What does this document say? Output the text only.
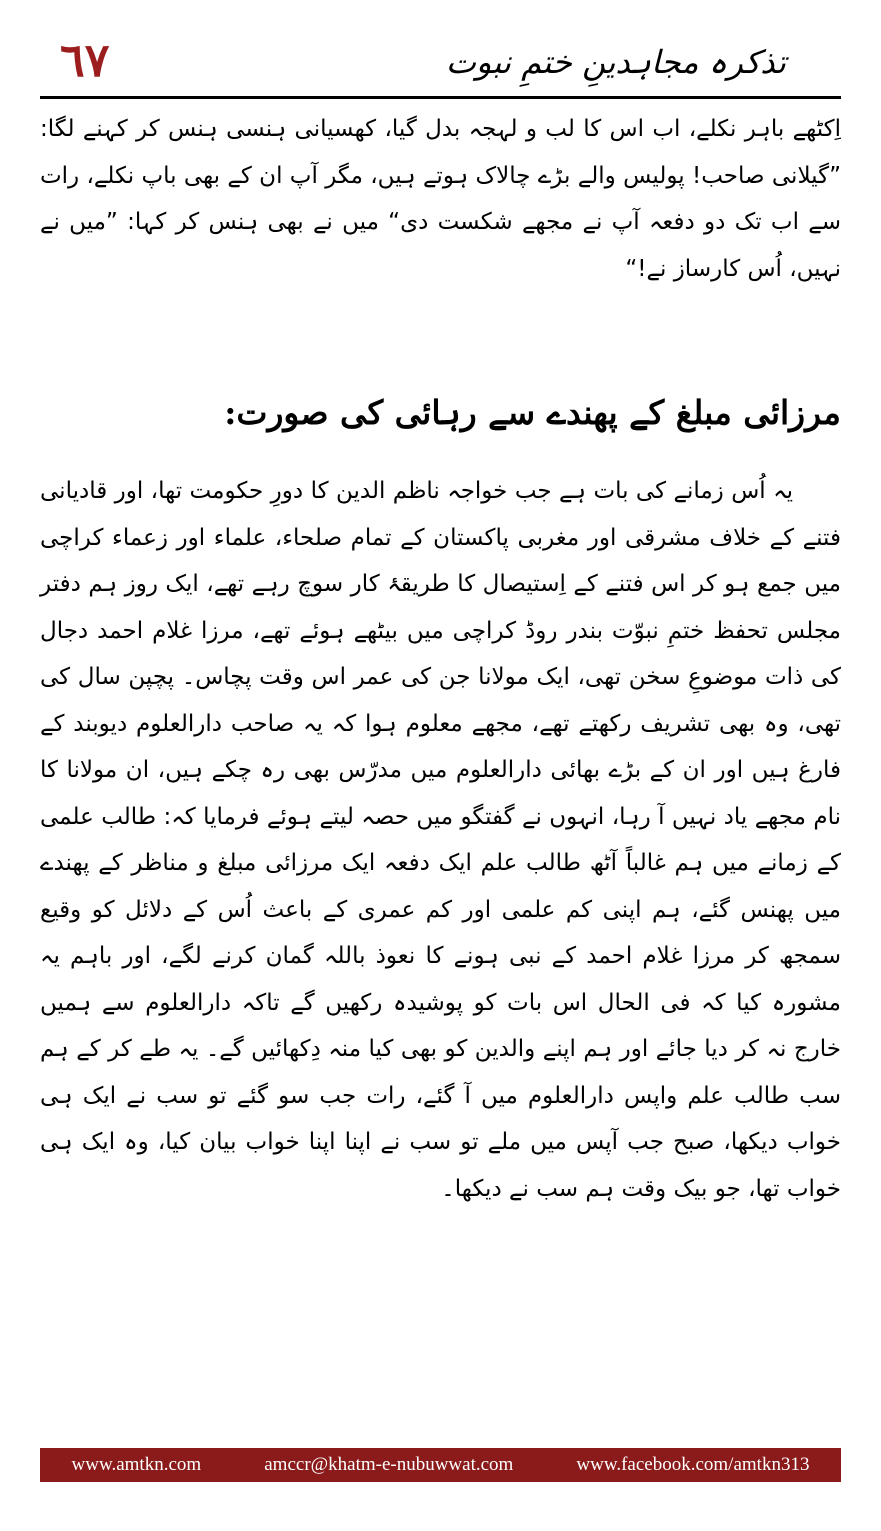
٦٧	تذکرہ مجاہدینِ ختمِ نبوت

اِکٹھے باہر نکلے، اب اس کا لب و لہجہ بدل گیا، کھسیانی ہنسی ہنس کر کہنے لگا: ”گیلانی صاحب! پولیس والے بڑے چالاک ہوتے ہیں، مگر آپ ان کے بھی باپ نکلے، رات سے اب تک دو دفعہ آپ نے مجھے شکست دی“ میں نے بھی ہنس کر کہا: ”میں نے نہیں، اُس کارساز نے!“

مرزائی مبلغ کے پھندے سے رہائی کی صورت:

یہ اُس زمانے کی بات ہے جب خواجہ ناظم الدین کا دورِ حکومت تھا، اور قادیانی فتنے کے خلاف مشرقی اور مغربی پاکستان کے تمام صلحاء، علماء اور زعماء کراچی میں جمع ہو کر اس فتنے کے اِستیصال کا طریقۂ کار سوچ رہے تھے، ایک روز ہم دفتر مجلس تحفظ ختمِ نبوّت بندر روڈ کراچی میں بیٹھے ہوئے تھے، مرزا غلام احمد دجال کی ذات موضوعِ سخن تھی، ایک مولانا جن کی عمر اس وقت پچاس۔ پچپن سال کی تھی، وہ بھی تشریف رکھتے تھے، مجھے معلوم ہوا کہ یہ صاحب دارالعلوم دیوبند کے فارغ ہیں اور ان کے بڑے بھائی دارالعلوم میں مدرّس بھی رہ چکے ہیں، ان مولانا کا نام مجھے یاد نہیں آ رہا، انہوں نے گفتگو میں حصہ لیتے ہوئے فرمایا کہ: طالب علمی کے زمانے میں ہم غالباً آٹھ طالب علم ایک دفعہ ایک مرزائی مبلغ و مناظر کے پھندے میں پھنس گئے، ہم اپنی کم علمی اور کم عمری کے باعث اُس کے دلائل کو وقیع سمجھ کر مرزا غلام احمد کے نبی ہونے کا نعوذ باللہ گمان کرنے لگے، اور باہم یہ مشورہ کیا کہ فی الحال اس بات کو پوشیدہ رکھیں گے تاکہ دارالعلوم سے ہمیں خارج نہ کر دیا جائے اور ہم اپنے والدین کو بھی کیا منہ دِکھائیں گے۔ یہ طے کر کے ہم سب طالب علم واپس دارالعلوم میں آ گئے، رات جب سو گئے تو سب نے ایک ہی خواب دیکھا، صبح جب آپس میں ملے تو سب نے اپنا اپنا خواب بیان کیا، وہ ایک ہی خواب تھا، جو بیک وقت ہم سب نے دیکھا۔

www.amtkn.com	amccr@khatm-e-nubuwwat.com	www.facebook.com/amtkn313
